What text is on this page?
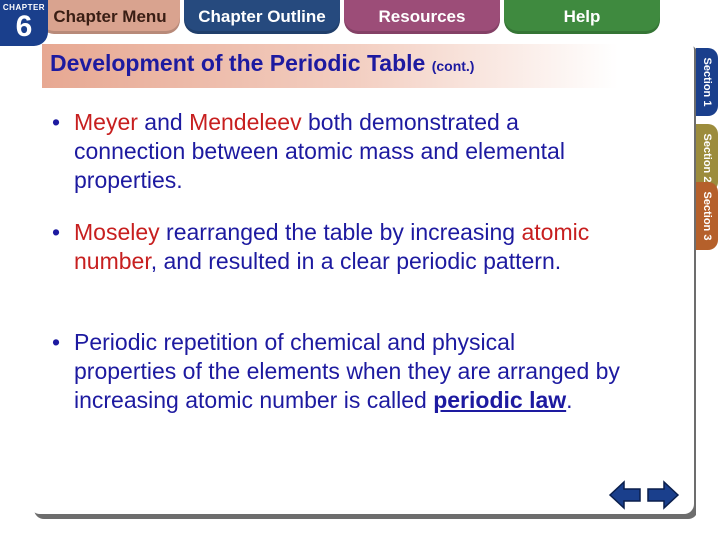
CHAPTER
6	Chapter Menu	Chapter Outline	Resources	Help
Development of the Periodic Table (cont.)
• Meyer and Mendeleev both demonstrated a connection between atomic mass and elemental properties.
• Moseley rearranged the table by increasing atomic number, and resulted in a clear periodic pattern.
• Periodic repetition of chemical and physical properties of the elements when they are arranged by increasing atomic number is called periodic law.
Section 1
Section 2
Section 3
